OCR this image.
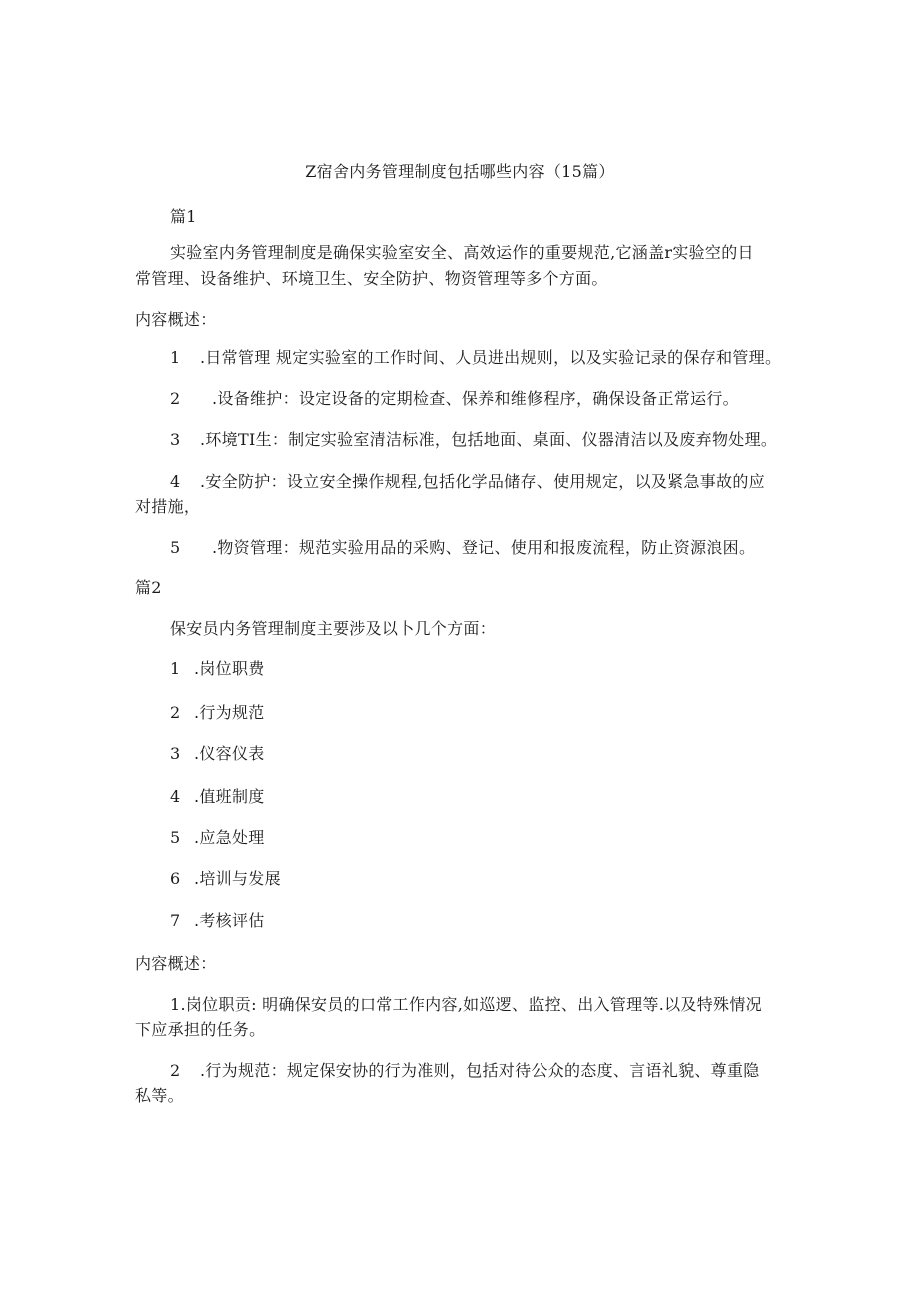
Z宿舍内务管理制度包括哪些内容（15篇）
篇1
实验室内务管理制度是确保实验室安全、高效运作的重要规范,它涵盖r实验空的日
常管理、设备维护、环境卫生、安全防护、物资管理等多个方面。
内容概述：
1 .日常管理 规定实验室的工作时间、人员进出规则，以及实验记录的保存和管理。
2 .设备维护：设定设备的定期检查、保养和维修程序，确保设备正常运行。
3 .环境TI生：制定实验室清洁标准，包括地面、桌面、仪器清洁以及废弃物处理。
4 .安全防护：设立安全操作规程,包括化学品储存、使用规定，以及紧急事故的应
对措施，
5 .物资管理：规范实验用品的采购、登记、使用和报废流程，防止资源浪困。
篇2
保安员内务管理制度主要涉及以卜几个方面：
1 .岗位职费
2 .行为规范
3 .仪容仪表
4 .值班制度
5 .应急处理
6 .培训与发展
7 .考核评估
内容概述：
1.岗位职贡: 明确保安员的口常工作内容,如巡逻、监控、出入管理等.以及特殊情况
下应承担的任务。
2 .行为规范：规定保安协的行为准则，包括对待公众的态度、言语礼貌、尊重隐
私等。
